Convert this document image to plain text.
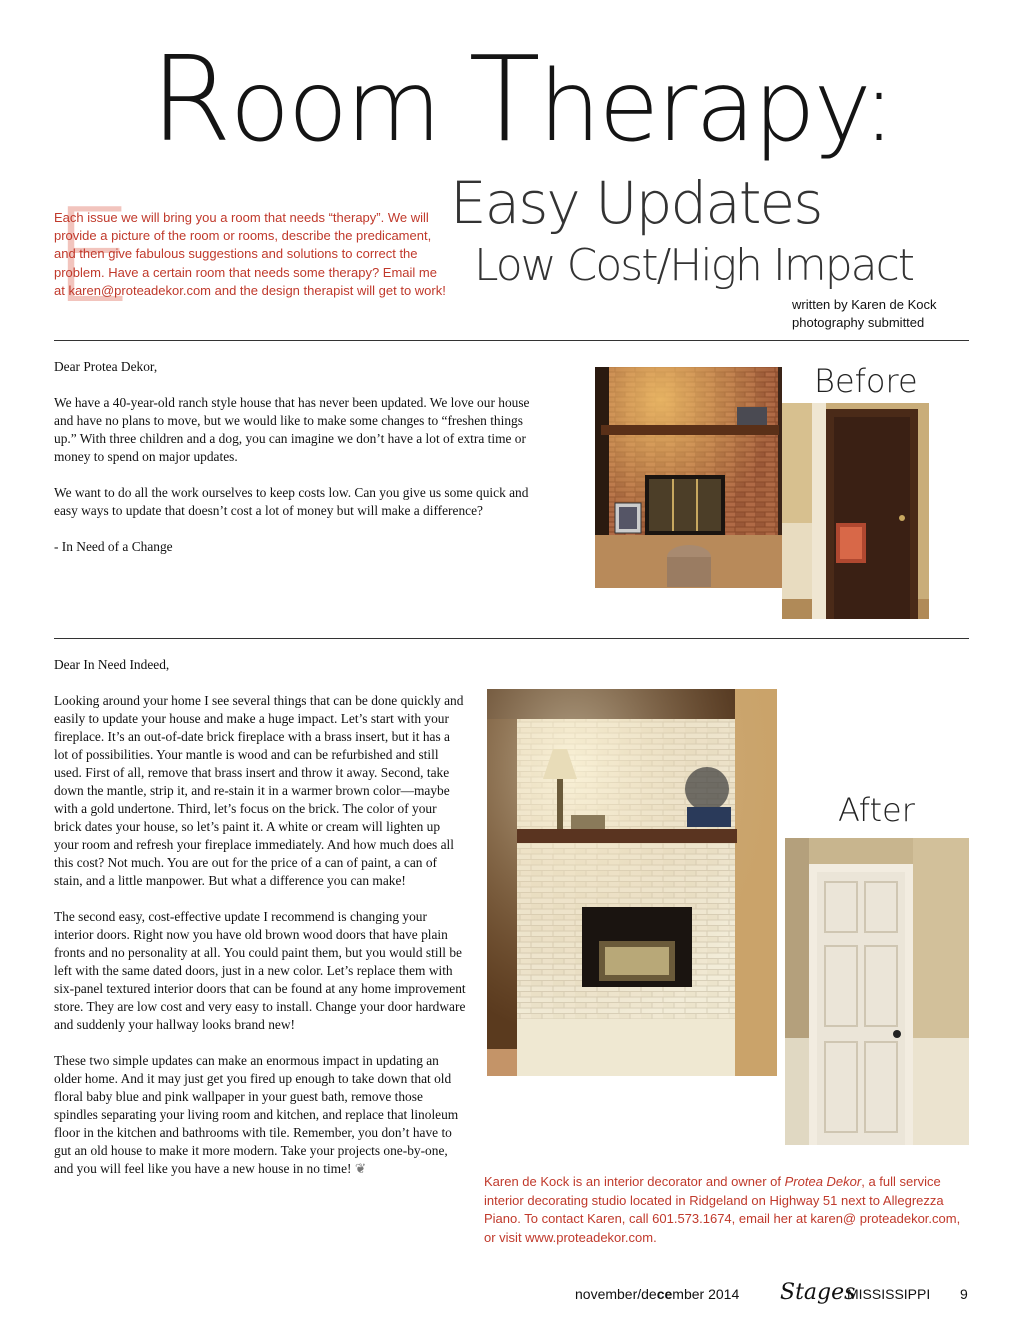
Room Therapy:
Easy Updates
Low Cost/High Impact
written by Karen de Kock
photography submitted
E
Each issue we will bring you a room that needs “therapy”. We will provide a picture of the room or rooms, describe the predicament, and then give fabulous suggestions and solutions to correct the problem. Have a certain room that needs some therapy? Email me at karen@proteadekor.com and the design therapist will get to work!

Dear Protea Dekor,

We have a 40-year-old ranch style house that has never been updated. We love our house and have no plans to move, but we would like to make some changes to “freshen things up.” With three children and a dog, you can imagine we don’t have a lot of extra time or money to spend on major updates.

We want to do all the work ourselves to keep costs low. Can you give us some quick and easy ways to update that doesn’t cost a lot of money but will make a difference?

- In Need of a Change

Before

Dear In Need Indeed,

Looking around your home I see several things that can be done quickly and easily to update your house and make a huge impact. Let’s start with your fireplace. It’s an out-of-date brick fireplace with a brass insert, but it has a lot of possibilities. Your mantle is wood and can be refurbished and still used. First of all, remove that brass insert and throw it away. Second, take down the mantle, strip it, and re-stain it in a warmer brown color—maybe with a gold undertone. Third, let’s focus on the brick. The color of your brick dates your house, so let’s paint it. A white or cream will lighten up your room and refresh your fireplace immediately. And how much does all this cost? Not much. You are out for the price of a can of paint, a can of stain, and a little manpower. But what a difference you can make!

The second easy, cost-effective update I recommend is changing your interior doors. Right now you have old brown wood doors that have plain fronts and no personality at all. You could paint them, but you would still be left with the same dated doors, just in a new color. Let’s replace them with six-panel textured interior doors that can be found at any home improvement store. They are low cost and very easy to install. Change your door hardware and suddenly your hallway looks brand new!

These two simple updates can make an enormous impact in updating an older home. And it may just get you fired up enough to take down that old floral baby blue and pink wallpaper in your guest bath, remove those spindles separating your living room and kitchen, and replace that linoleum floor in the kitchen and bathrooms with tile. Remember, you don’t have to gut an old house to make it more modern. Take your projects one-by-one, and you will feel like you have a new house in no time! ❦

After
Karen de Kock is an interior decorator and owner of Protea Dekor, a full service interior decorating studio located in Ridgeland on Highway 51 next to Allegrezza Piano. To contact Karen, call 601.573.1674, email her at karen@ proteadekor.com, or visit www.proteadekor.com.
november/december 2014 Stages
MISSISSIPPI 9
